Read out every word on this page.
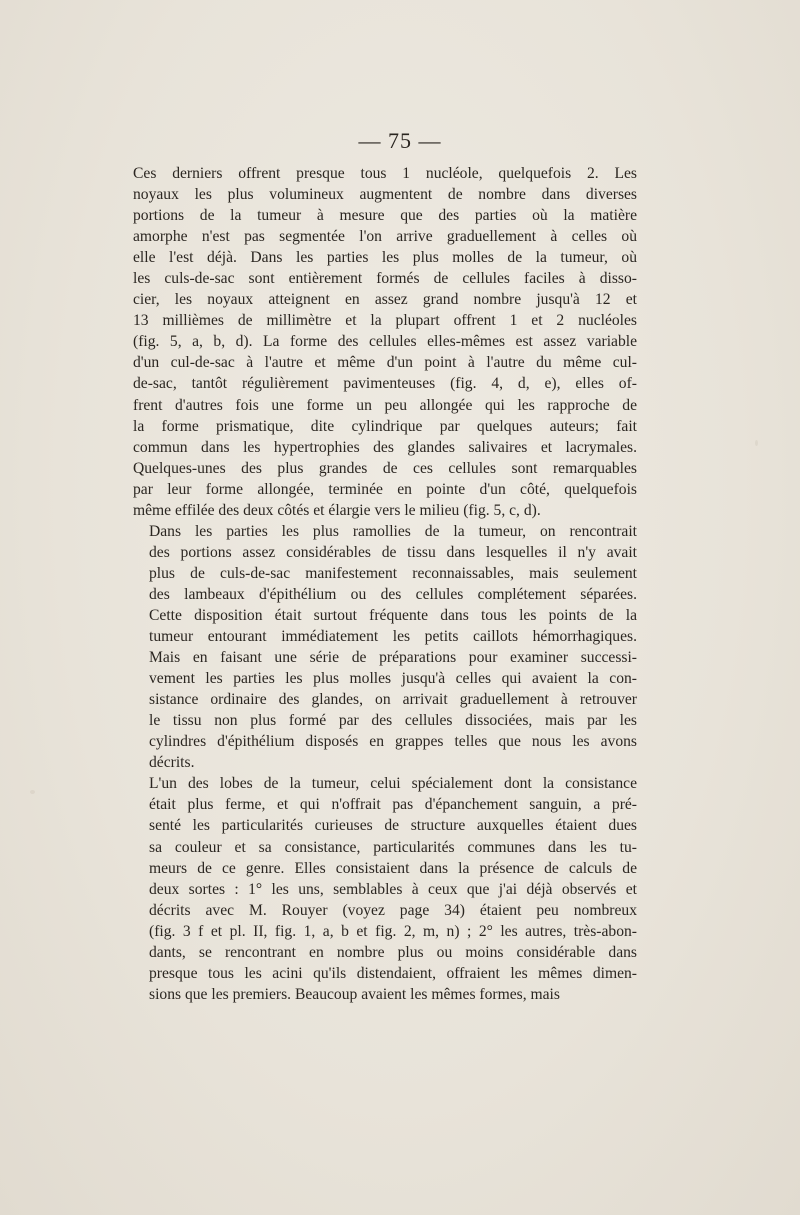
— 75 —

Ces derniers offrent presque tous 1 nucléole, quelquefois 2. Les
noyaux les plus volumineux augmentent de nombre dans diverses
portions de la tumeur à mesure que des parties où la matière
amorphe n'est pas segmentée l'on arrive graduellement à celles où
elle l'est déjà. Dans les parties les plus molles de la tumeur, où
les culs-de-sac sont entièrement formés de cellules faciles à disso-
cier, les noyaux atteignent en assez grand nombre jusqu'à 12 et
13 millièmes de millimètre et la plupart offrent 1 et 2 nucléoles
(fig. 5, a, b, d). La forme des cellules elles-mêmes est assez variable
d'un cul-de-sac à l'autre et même d'un point à l'autre du même cul-
de-sac, tantôt régulièrement pavimenteuses (fig. 4, d, e), elles of-
frent d'autres fois une forme un peu allongée qui les rapproche de
la forme prismatique, dite cylindrique par quelques auteurs; fait
commun dans les hypertrophies des glandes salivaires et lacrymales.
Quelques-unes des plus grandes de ces cellules sont remarquables
par leur forme allongée, terminée en pointe d'un côté, quelquefois
même effilée des deux côtés et élargie vers le milieu (fig. 5, c, d).

Dans les parties les plus ramollies de la tumeur, on rencontrait
des portions assez considérables de tissu dans lesquelles il n'y avait
plus de culs-de-sac manifestement reconnaissables, mais seulement
des lambeaux d'épithélium ou des cellules complétement séparées.
Cette disposition était surtout fréquente dans tous les points de la
tumeur entourant immédiatement les petits caillots hémorrhagiques.
Mais en faisant une série de préparations pour examiner successi-
vement les parties les plus molles jusqu'à celles qui avaient la con-
sistance ordinaire des glandes, on arrivait graduellement à retrouver
le tissu non plus formé par des cellules dissociées, mais par les
cylindres d'épithélium disposés en grappes telles que nous les avons
décrits.

L'un des lobes de la tumeur, celui spécialement dont la consistance
était plus ferme, et qui n'offrait pas d'épanchement sanguin, a pré-
senté les particularités curieuses de structure auxquelles étaient dues
sa couleur et sa consistance, particularités communes dans les tu-
meurs de ce genre. Elles consistaient dans la présence de calculs de
deux sortes : 1° les uns, semblables à ceux que j'ai déjà observés et
décrits avec M. Rouyer (voyez page 34) étaient peu nombreux
(fig. 3 f et pl. II, fig. 1, a, b et fig. 2, m, n) ; 2° les autres, très-abon-
dants, se rencontrant en nombre plus ou moins considérable dans
presque tous les acini qu'ils distendaient, offraient les mêmes dimen-
sions que les premiers. Beaucoup avaient les mêmes formes, mais
